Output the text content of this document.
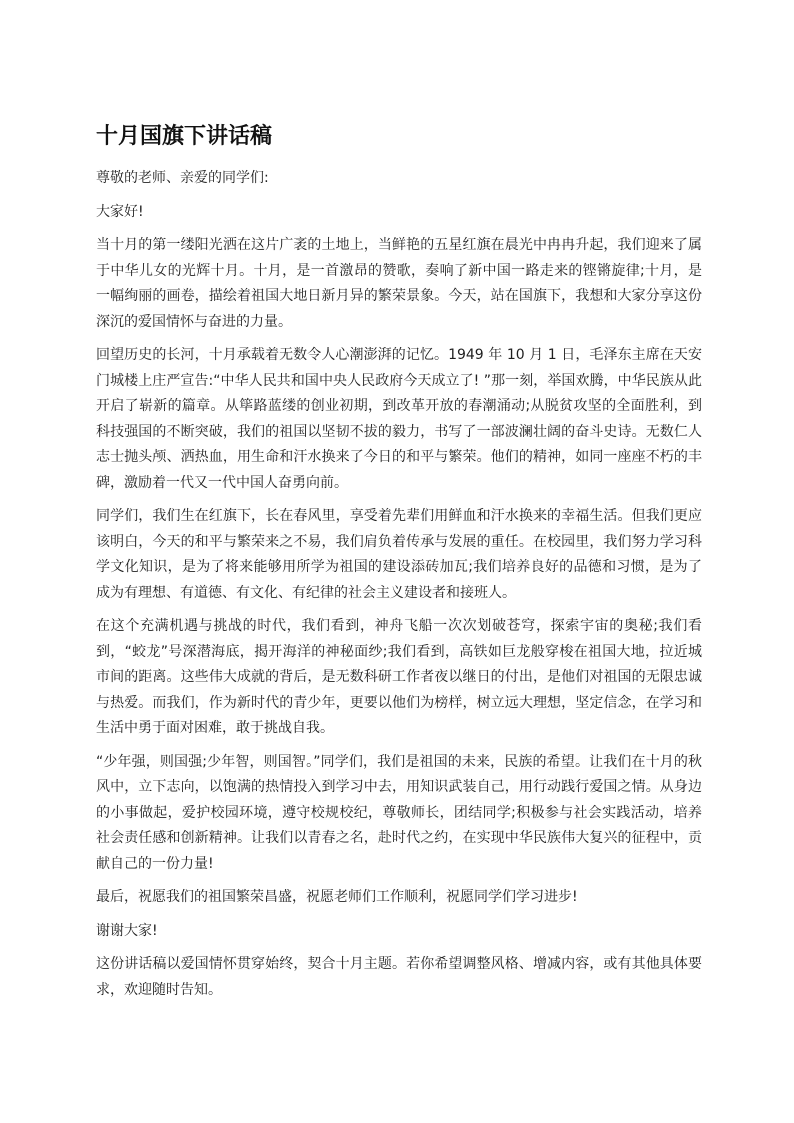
十月国旗下讲话稿

尊敬的老师、亲爱的同学们:

大家好!

当十月的第一缕阳光洒在这片广袤的土地上，当鲜艳的五星红旗在晨光中冉冉升起，我们迎来了属于中华儿女的光辉十月。十月，是一首激昂的赞歌，奏响了新中国一路走来的铿锵旋律;十月，是一幅绚丽的画卷，描绘着祖国大地日新月异的繁荣景象。今天，站在国旗下，我想和大家分享这份深沉的爱国情怀与奋进的力量。

回望历史的长河，十月承载着无数令人心潮澎湃的记忆。1949 年 10 月 1 日，毛泽东主席在天安门城楼上庄严宣告:“中华人民共和国中央人民政府今天成立了! ”那一刻，举国欢腾，中华民族从此开启了崭新的篇章。从筚路蓝缕的创业初期，到改革开放的春潮涌动;从脱贫攻坚的全面胜利，到科技强国的不断突破，我们的祖国以坚韧不拔的毅力，书写了一部波澜壮阔的奋斗史诗。无数仁人志士抛头颅、洒热血，用生命和汗水换来了今日的和平与繁荣。他们的精神，如同一座座不朽的丰碑，激励着一代又一代中国人奋勇向前。

同学们，我们生在红旗下，长在春风里，享受着先辈们用鲜血和汗水换来的幸福生活。但我们更应该明白，今天的和平与繁荣来之不易，我们肩负着传承与发展的重任。在校园里，我们努力学习科学文化知识，是为了将来能够用所学为祖国的建设添砖加瓦;我们培养良好的品德和习惯，是为了成为有理想、有道德、有文化、有纪律的社会主义建设者和接班人。

在这个充满机遇与挑战的时代，我们看到，神舟飞船一次次划破苍穹，探索宇宙的奥秘;我们看到，“蛟龙”号深潜海底，揭开海洋的神秘面纱;我们看到，高铁如巨龙般穿梭在祖国大地，拉近城市间的距离。这些伟大成就的背后，是无数科研工作者夜以继日的付出，是他们对祖国的无限忠诚与热爱。而我们，作为新时代的青少年，更要以他们为榜样，树立远大理想，坚定信念，在学习和生活中勇于面对困难，敢于挑战自我。

“少年强，则国强;少年智，则国智。”同学们，我们是祖国的未来，民族的希望。让我们在十月的秋风中，立下志向，以饱满的热情投入到学习中去，用知识武装自己，用行动践行爱国之情。从身边的小事做起，爱护校园环境，遵守校规校纪，尊敬师长，团结同学;积极参与社会实践活动，培养社会责任感和创新精神。让我们以青春之名，赴时代之约，在实现中华民族伟大复兴的征程中，贡献自己的一份力量!

最后，祝愿我们的祖国繁荣昌盛，祝愿老师们工作顺利，祝愿同学们学习进步!

谢谢大家!

这份讲话稿以爱国情怀贯穿始终，契合十月主题。若你希望调整风格、增减内容，或有其他具体要求，欢迎随时告知。
